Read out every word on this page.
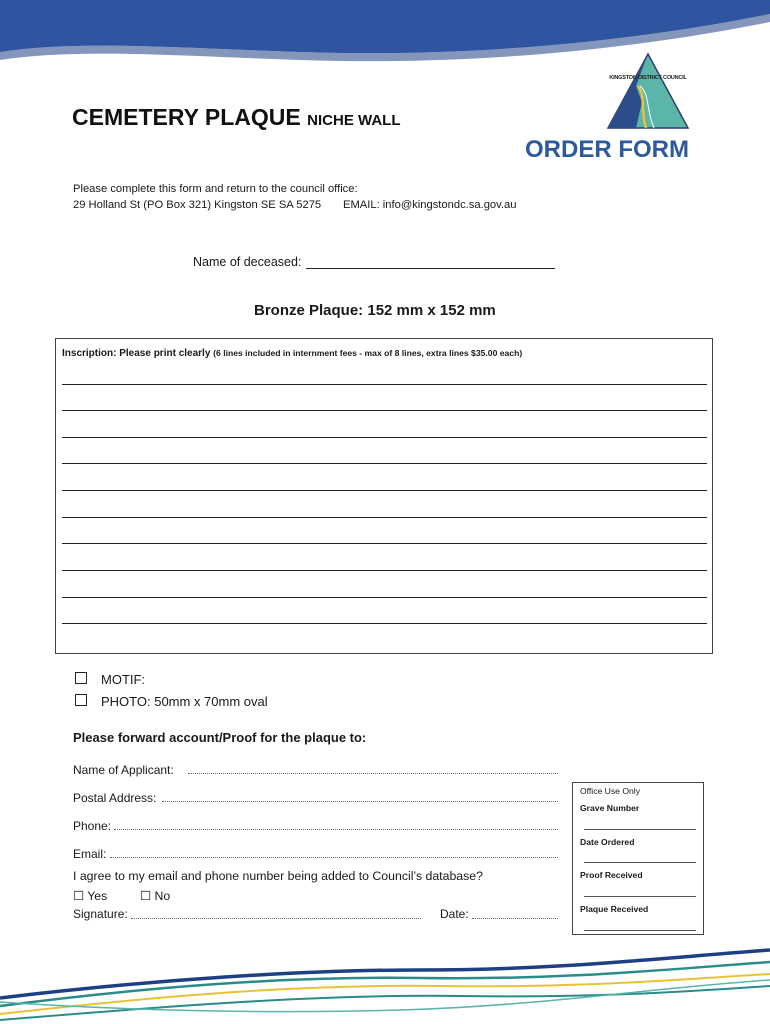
KINGSTON DISTRICT COUNCIL
CEMETERY PLAQUE NICHE WALL
ORDER FORM
Please complete this form and return to the council office:
29 Holland St (PO Box 321) Kingston SE SA 5275 EMAIL: info@kingstondc.sa.gov.au
Name of deceased:
Bronze Plaque: 152 mm x 152 mm
Inscription: Please print clearly (6 lines included in internment fees - max of 8 lines, extra lines $35.00 each)
MOTIF:
PHOTO: 50mm x 70mm oval
Please forward account/Proof for the plaque to:
Name of Applicant:
Postal Address:
Phone:
Email:
I agree to my email and phone number being added to Council’s database?
☐ Yes	☐ No
Signature:	Date:
Office Use Only
Grave Number
Date Ordered
Proof Received
Plaque Received
